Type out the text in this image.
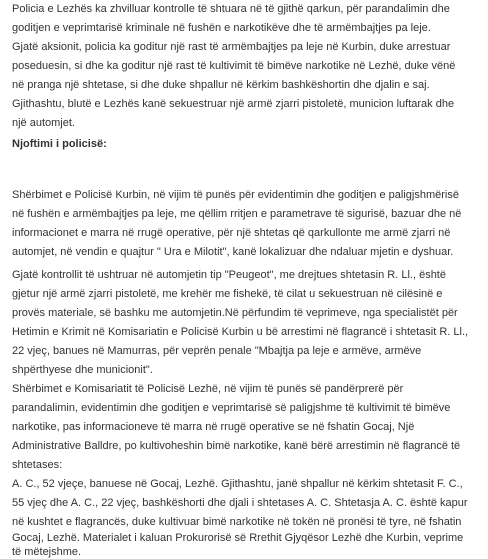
Policia e Lezhës ka zhvilluar kontrolle të shtuara në të gjithë qarkun, për parandalimin dhe
goditjen e veprimtarisë kriminale në fushën e narkotikëve dhe të armëmbajtjes pa leje.
Gjatë aksionit, policia ka goditur një rast të armëmbajtjes pa leje në Kurbin, duke arrestuar
poseduesin, si dhe ka goditur një rast të kultivimit të bimëve narkotike në Lezhë, duke vënë
në pranga një shtetase, si dhe duke shpallur në kërkim bashkëshortin dhe djalin e saj.
Gjithashtu, blutë e Lezhës kanë sekuestruar një armë zjarri pistoletë, municion luftarak dhe
një automjet.
Njoftimi i policisë:
Shërbimet e Policisë Kurbin, në vijim të punës për evidentimin dhe goditjen e paligjshmërisë
në fushën e armëmbajtjes pa leje, me qëllim rritjen e parametrave të sigurisë, bazuar dhe në
informacionet e marra në rrugë operative, për një shtetas që qarkullonte me armë zjarri në
automjet, në vendin e quajtur " Ura e Milotit", kanë lokalizuar dhe ndaluar mjetin e dyshuar.
Gjatë kontrollit të ushtruar në automjetin tip "Peugeot", me drejtues shtetasin R. Ll., është
gjetur një armë zjarri pistoletë, me krehër me fishekë, të cilat u sekuestruan në cilësinë e
provës materiale, së bashku me automjetin.Në përfundim të veprimeve, nga specialistët për
Hetimin e Krimit në Komisariatin e Policisë Kurbin u bë arrestimi në flagrancë i shtetasit R. Ll.,
22 vjeç, banues në Mamurras, për veprën penale "Mbajtja pa leje e armëve, armëve
shpërthyese dhe municionit".
Shërbimet e Komisariatit të Policisë Lezhë, në vijim të punës së pandërprerë për
parandalimin, evidentimin dhe goditjen e veprimtarisë së paligjshme të kultivimit të bimëve
narkotike, pas informacioneve të marra në rrugë operative se në fshatin Gocaj, Një
Administrative Balldre, po kultivoheshin bimë narkotike, kanë bërë arrestimin në flagrancë të
shtetases:
A. C., 52 vjeçe, banuese në Gocaj, Lezhë. Gjithashtu, janë shpallur në kërkim shtetasit F. C.,
55 vjeç dhe A. C., 22 vjeç, bashkëshorti dhe djali i shtetases A. C. Shtetasja A. C. është kapur
në kushtet e flagrancës, duke kultivuar bimë narkotike në tokën në pronësi të tyre, në fshatin
Gocaj, Lezhë. Materialet i kaluan Prokurorisë së Rrethit Gjyqësor Lezhë dhe Kurbin, veprime
të mëtejshme.
